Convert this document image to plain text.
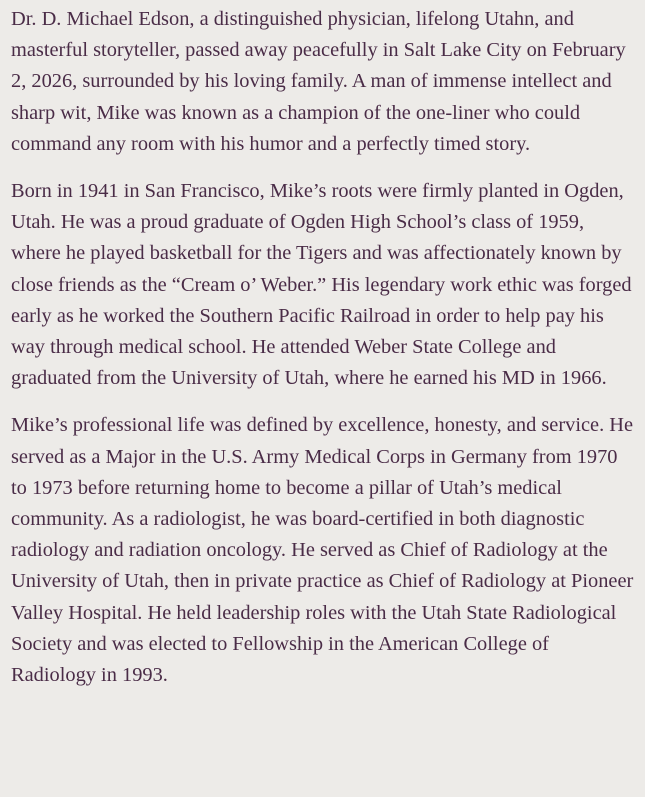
Dr. D. Michael Edson, a distinguished physician, lifelong Utahn, and masterful storyteller, passed away peacefully in Salt Lake City on February 2, 2026, surrounded by his loving family. A man of immense intellect and sharp wit, Mike was known as a champion of the one-liner who could command any room with his humor and a perfectly timed story.

Born in 1941 in San Francisco, Mike’s roots were firmly planted in Ogden, Utah. He was a proud graduate of Ogden High School’s class of 1959, where he played basketball for the Tigers and was affectionately known by close friends as the “Cream o’ Weber.” His legendary work ethic was forged early as he worked the Southern Pacific Railroad in order to help pay his way through medical school. He attended Weber State College and graduated from the University of Utah, where he earned his MD in 1966.

Mike’s professional life was defined by excellence, honesty, and service. He served as a Major in the U.S. Army Medical Corps in Germany from 1970 to 1973 before returning home to become a pillar of Utah’s medical community. As a radiologist, he was board-certified in both diagnostic radiology and radiation oncology. He served as Chief of Radiology at the University of Utah, then in private practice as Chief of Radiology at Pioneer Valley Hospital. He held leadership roles with the Utah State Radiological Society and was elected to Fellowship in the American College of Radiology in 1993.
